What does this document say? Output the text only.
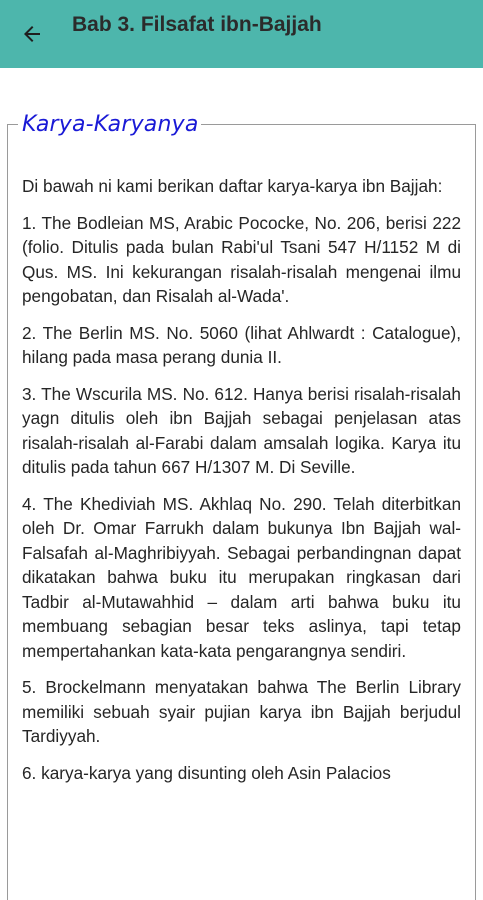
Bab 3. Filsafat ibn-Bajjah
Karya-Karyanya

Di bawah ni kami berikan daftar karya-karya ibn Bajjah:

1. The Bodleian MS, Arabic Pococke, No. 206, berisi 222 (folio. Ditulis pada bulan Rabi'ul Tsani 547 H/1152 M di Qus. MS. Ini kekurangan risalah-risalah mengenai ilmu pengobatan, dan Risalah al-Wada'.

2. The Berlin MS. No. 5060 (lihat Ahlwardt : Catalogue), hilang pada masa perang dunia II.

3. The Wscurila MS. No. 612. Hanya berisi risalah-risalah yagn ditulis oleh ibn Bajjah sebagai penjelasan atas risalah-risalah al-Farabi dalam amsalah logika. Karya itu ditulis pada tahun 667 H/1307 M. Di Seville.

4. The Khediviah MS. Akhlaq No. 290. Telah diterbitkan oleh Dr. Omar Farrukh dalam bukunya Ibn Bajjah wal-Falsafah al-Maghribiyyah. Sebagai perbandingnan dapat dikatakan bahwa buku itu merupakan ringkasan dari Tadbir al-Mutawahhid – dalam arti bahwa buku itu membuang sebagian besar teks aslinya, tapi tetap mempertahankan kata-kata pengarangnya sendiri.

5. Brockelmann menyatakan bahwa The Berlin Library memiliki sebuah syair pujian karya ibn Bajjah berjudul Tardiyyah.

6. karya-karya yang disunting oleh Asin Palacios
